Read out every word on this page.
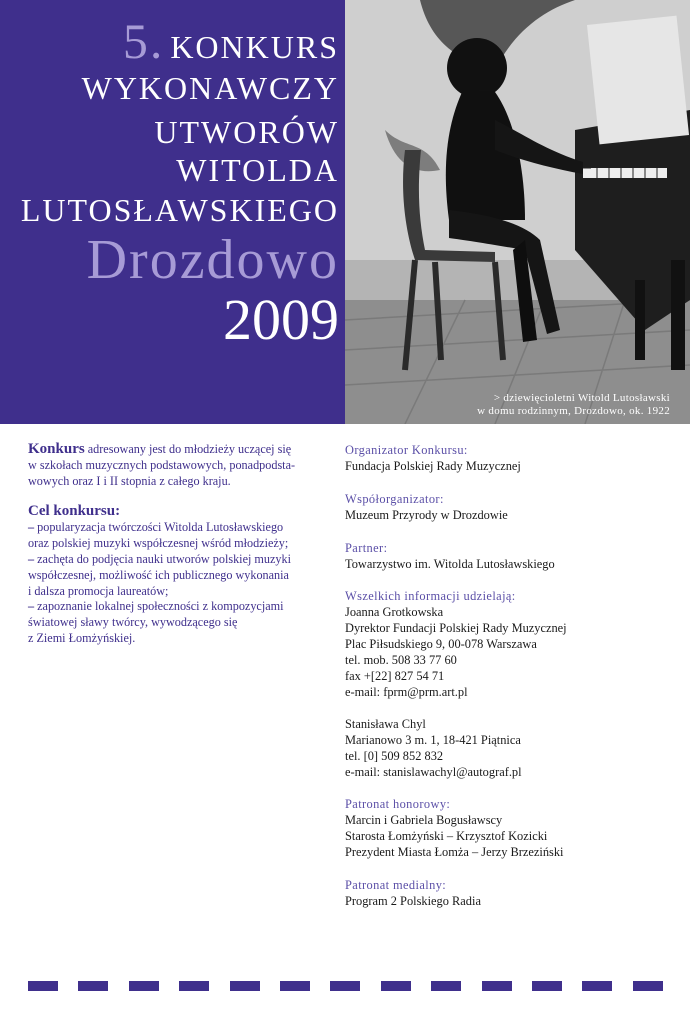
5. KONKURS
WYKONAWCZY
UTWORÓW
WITOLDA
LUTOSŁAWSKIEGO
Drozdowo
2009
> dziewięcioletni Witold Lutosławski
w domu rodzinnym, Drozdowo, ok. 1922

Konkurs adresowany jest do młodzieży uczącej się

w szkołach muzycznych podstawowych, ponadpodsta-

wowych oraz I i II stopnia z całego kraju.

Cel konkursu:

– popularyzacja twórczości Witolda Lutosławskiego

oraz polskiej muzyki współczesnej wśród młodzieży;

– zachęta do podjęcia nauki utworów polskiej muzyki

współczesnej, możliwość ich publicznego wykonania

i dalsza promocja laureatów;

– zapoznanie lokalnej społeczności z kompozycjami

światowej sławy twórcy, wywodzącego się

z Ziemi Łomżyńskiej.

Organizator Konkursu:

Fundacja Polskiej Rady Muzycznej

Współorganizator:

Muzeum Przyrody w Drozdowie

Partner:

Towarzystwo im. Witolda Lutosławskiego

Wszelkich informacji udzielają:

Joanna Grotkowska

Dyrektor Fundacji Polskiej Rady Muzycznej

Plac Piłsudskiego 9, 00-078 Warszawa

tel. mob. 508 33 77 60

fax +[22] 827 54 71

e-mail: fprm@prm.art.pl

Stanisława Chyl

Marianowo 3 m. 1, 18-421 Piątnica

tel. [0] 509 852 832

e-mail: stanislawachyl@autograf.pl

Patronat honorowy:

Marcin i Gabriela Bogusławscy

Starosta Łomżyński – Krzysztof Kozicki

Prezydent Miasta Łomża – Jerzy Brzeziński

Patronat medialny:

Program 2 Polskiego Radia
